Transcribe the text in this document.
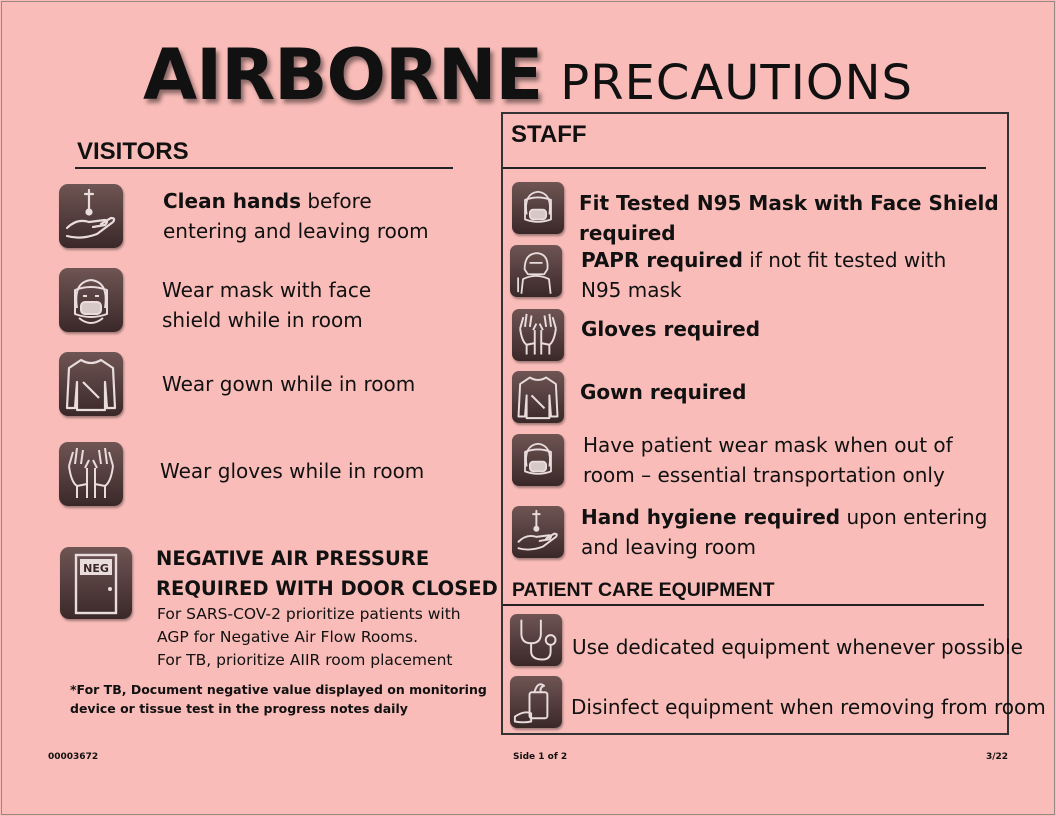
AIRBORNE PRECAUTIONS
VISITORS
Clean hands before
entering and leaving room
Wear mask with face
shield while in room
Wear gown while in room
Wear gloves while in room
NEG NEGATIVE AIR PRESSURE
REQUIRED WITH DOOR CLOSED
For SARS-COV-2 prioritize patients with
AGP for Negative Air Flow Rooms.
For TB, prioritize AIIR room placement
*For TB, Document negative value displayed on monitoring
device or tissue test in the progress notes daily
STAFF
Fit Tested N95 Mask with Face Shield
required
PAPR required if not fit tested with
N95 mask
Gloves required
Gown required
Have patient wear mask when out of
room – essential transportation only
Hand hygiene required upon entering
and leaving room
PATIENT CARE EQUIPMENT
Use dedicated equipment whenever possible
Disinfect equipment when removing from room
00003672	Side 1 of 2	3/22
